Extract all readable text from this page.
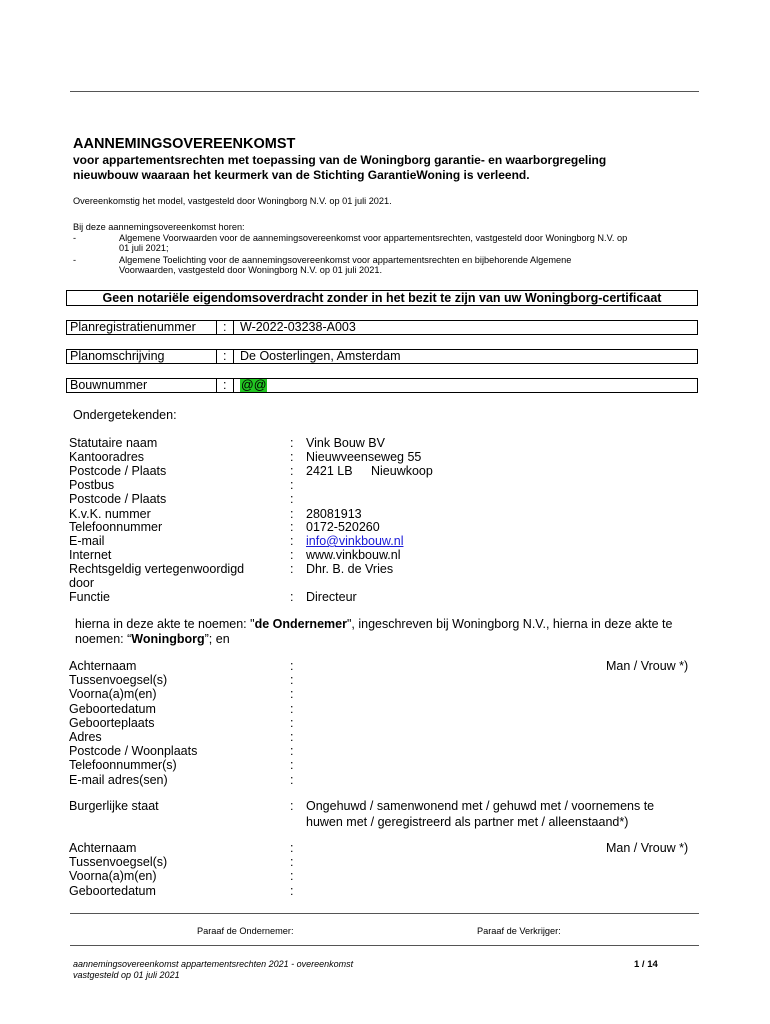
AANNEMINGSOVEREENKOMST
voor appartementsrechten met toepassing van de Woningborg garantie- en waarborgregeling
nieuwbouw waaraan het keurmerk van de Stichting GarantieWoning is verleend.
Overeenkomstig het model, vastgesteld door Woningborg N.V. op 01 juli 2021.
Bij deze aannemingsovereenkomst horen:
-	Algemene Voorwaarden voor de aannemingsovereenkomst voor appartementsrechten, vastgesteld door Woningborg N.V. op
01 juli 2021;
-	Algemene Toelichting voor de aannemingsovereenkomst voor appartementsrechten en bijbehorende Algemene
Voorwaarden, vastgesteld door Woningborg N.V. op 01 juli 2021.
Geen notariële eigendomsoverdracht zonder in het bezit te zijn van uw Woningborg-certificaat
Planregistratienummer : W-2022-03238-A003
Planomschrijving	: De Oosterlingen, Amsterdam
Bouwnummer	: @@
Ondergetekenden:
Statutaire naam	: Vink Bouw BV
Kantooradres	: Nieuwveenseweg 55
Postcode / Plaats	: 2421 LB Nieuwkoop
Postbus	:
Postcode / Plaats	:
K.v.K. nummer	: 28081913
Telefoonnummer	: 0172-520260
E-mail	: info@vinkbouw.nl
Internet	: www.vinkbouw.nl
Rechtsgeldig vertegenwoordigd
door
: Dhr. B. de Vries
Functie	: Directeur
hierna in deze akte te noemen: "de Ondernemer", ingeschreven bij Woningborg N.V., hierna in deze akte te
noemen: “Woningborg”; en
Achternaam	:
Tussenvoegsel(s)	:
Voorna(a)m(en)	:
Geboortedatum	:
Geboorteplaats	:
Adres	:
Postcode / Woonplaats	:
Telefoonnummer(s)	:
E-mail adres(sen)	:
Man / Vrouw *)
Burgerlijke staat	: Ongehuwd / samenwonend met / gehuwd met / voornemens te
huwen met / geregistreerd als partner met / alleenstaand*)
Achternaam	:
Tussenvoegsel(s)	:
Voorna(a)m(en)	:
Geboortedatum	:
Man / Vrouw *)
Paraaf de Ondernemer:	Paraaf de Verkrijger:
aannemingsovereenkomst appartementsrechten 2021 - overeenkomst
vastgesteld op 01 juli 2021
1 / 14
